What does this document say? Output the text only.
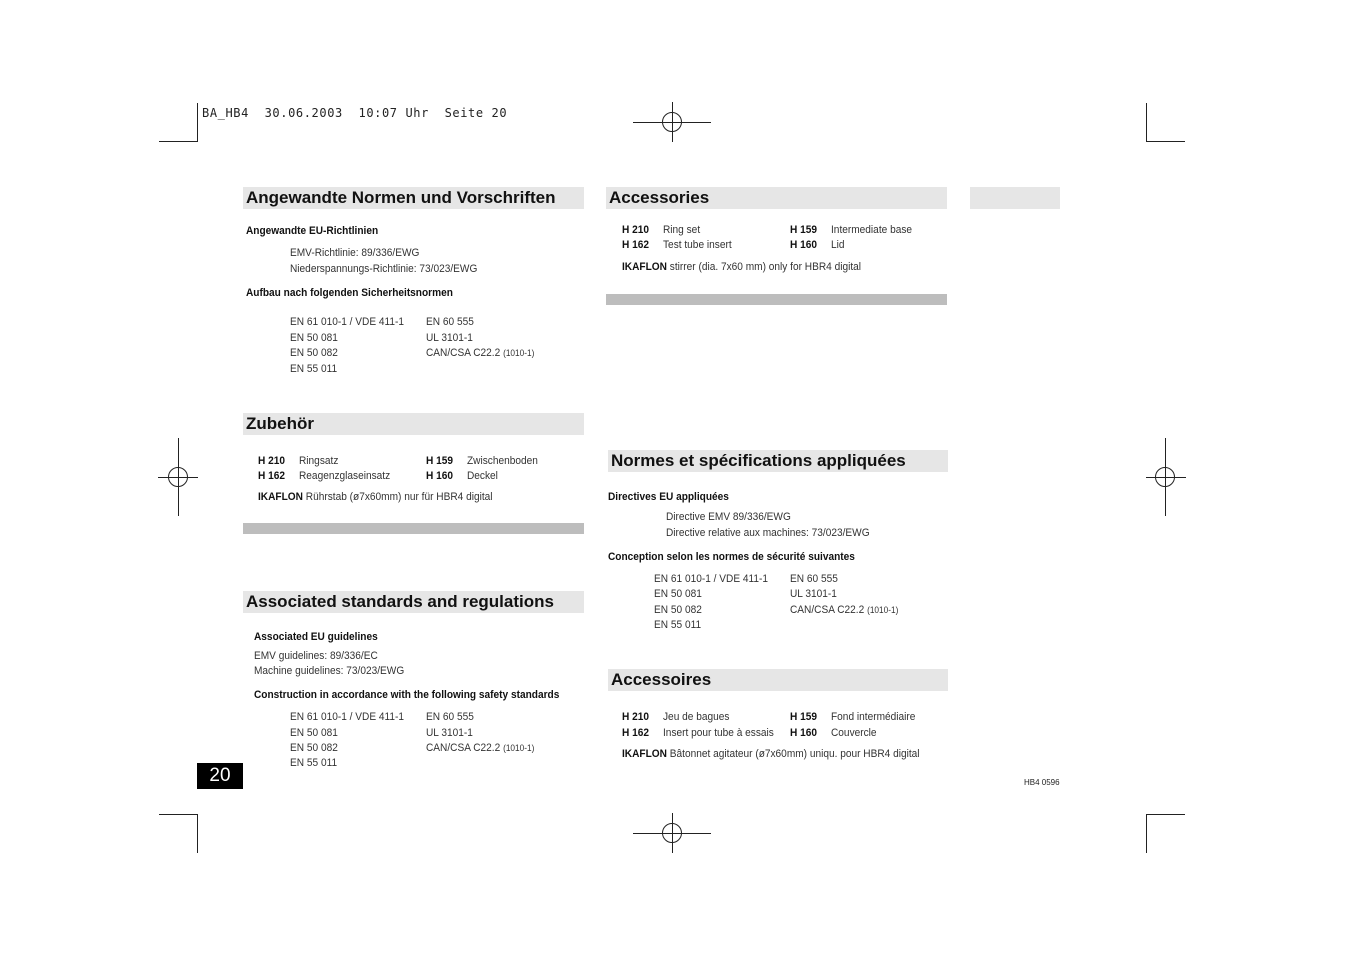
BA_HB4  30.06.2003  10:07 Uhr  Seite 20
Angewandte Normen und Vorschriften
Angewandte EU-Richtlinien
EMV-Richtlinie: 89/336/EWG
Niederspannungs-Richtlinie: 73/023/EWG
Aufbau nach folgenden Sicherheitsnormen
EN 61 010-1 / VDE 411-1
EN 50 081
EN 50 082
EN 55 011
EN 60 555
UL 3101-1
CAN/CSA C22.2 (1010-1)
Zubehör
H 210 Ringsatz
H 162 Reagenzglaseinsatz
H 159 Zwischenboden
H 160 Deckel
IKAFLON Rührstab (ø7x60mm) nur für HBR4 digital
Associated standards and regulations
Associated EU guidelines
EMV guidelines: 89/336/EC
Machine guidelines: 73/023/EWG
Construction in accordance with the following safety standards
EN 61 010-1 / VDE 411-1
EN 50 081
EN 50 082
EN 55 011
EN 60 555
UL 3101-1
CAN/CSA C22.2 (1010-1)
20
Accessories
H 210 Ring set
H 162 Test tube insert
H 159 Intermediate base
H 160 Lid
IKAFLON stirrer (dia. 7x60 mm) only for HBR4 digital
Normes et spécifications appliquées
Directives EU appliquées
Directive EMV 89/336/EWG
Directive relative aux machines: 73/023/EWG
Conception selon les normes de sécurité suivantes
EN 61 010-1 / VDE 411-1
EN 50 081
EN 50 082
EN 55 011
EN 60 555
UL 3101-1
CAN/CSA C22.2 (1010-1)
Accessoires
H 210 Jeu de bagues
H 162 Insert pour tube à essais
H 159 Fond intermédiaire
H 160 Couvercle
IKAFLON Bâtonnet agitateur (ø7x60mm) uniqu. pour HBR4 digital
HB4 0596
